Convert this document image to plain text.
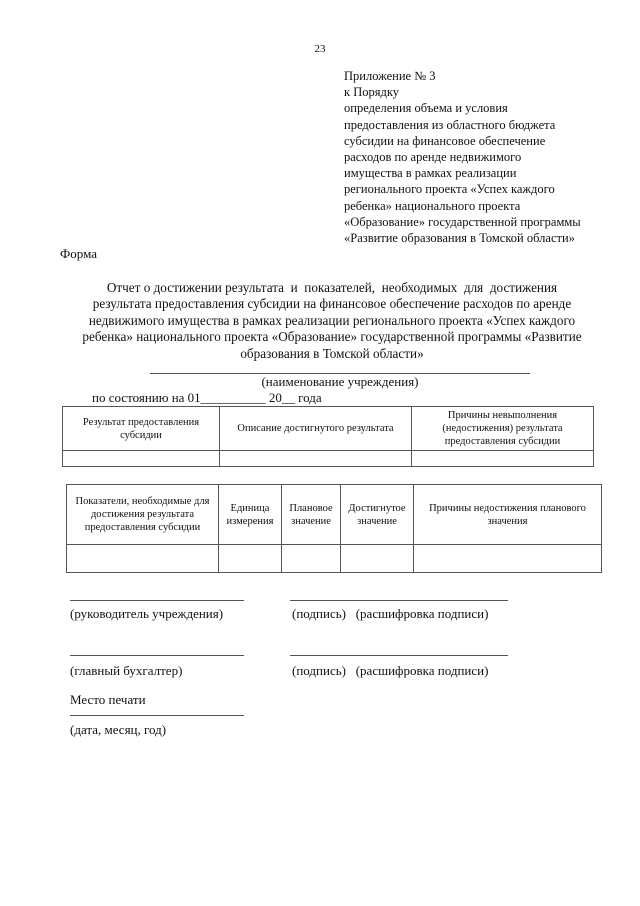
23
Приложение № 3
к Порядку
определения объема и условия
предоставления из областного бюджета
субсидии на финансовое обеспечение
расходов по аренде недвижимого
имущества в рамках реализации
регионального проекта «Успех каждого
ребенка» национального проекта
«Образование» государственной программы
«Развитие образования в Томской области»
Форма
Отчет о достижении результата  и  показателей,  необходимых  для  достижения
результата предоставления субсидии на финансовое обеспечение расходов по аренде
недвижимого имущества в рамках реализации регионального проекта «Успех каждого
ребенка» национального проекта «Образование» государственной программы «Развитие
образования в Томской области»
(наименование учреждения)
по состоянию на 01__________ 20__ года
Результат предоставления субсидии	Описание достигнутого результата	Причины невыполнения (недостижения) результата предоставления субсидии

Показатели, необходимые для достижения результата предоставления субсидии	Единица измерения	Плановое значение	Достигнутое значение	Причины недостижения планового значения

(руководитель учреждения)	(подпись)   (расшифровка подписи)
(главный бухгалтер)	(подпись)   (расшифровка подписи)
Место печати
(дата, месяц, год)
